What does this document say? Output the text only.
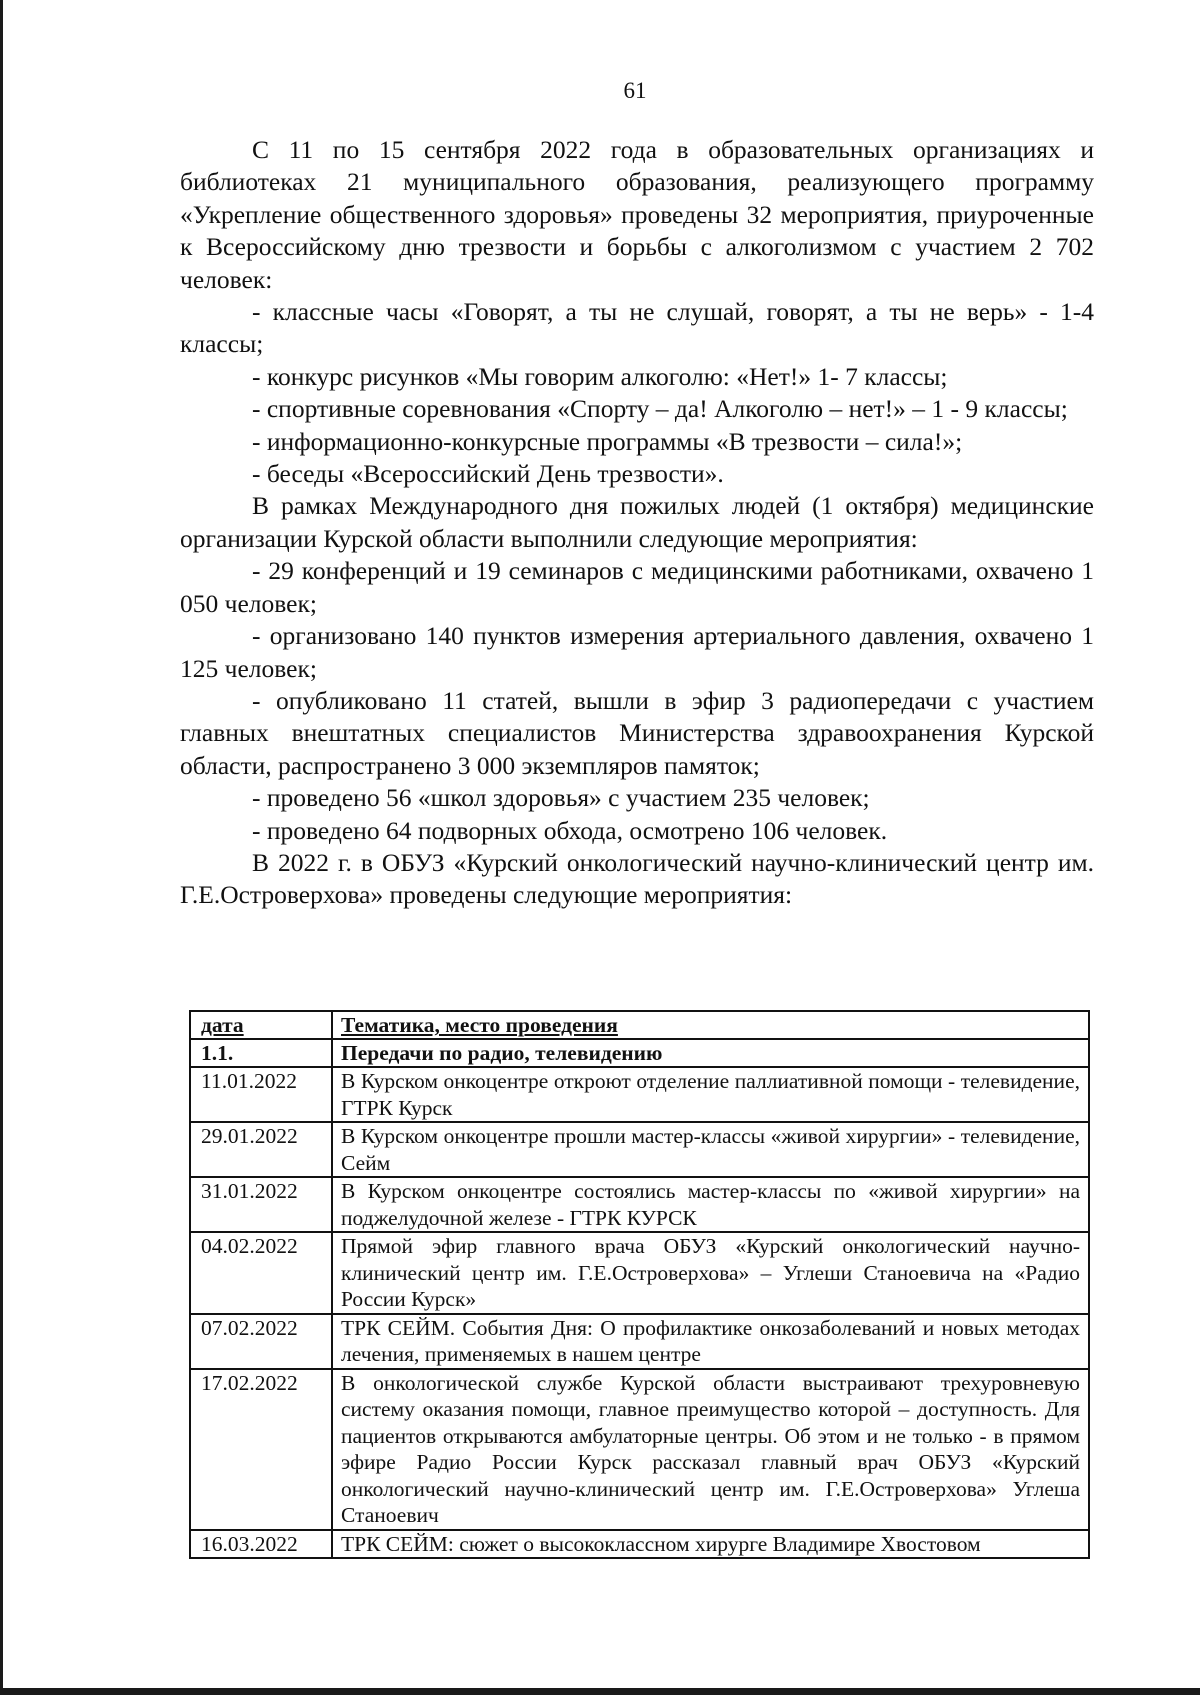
61

С 11 по 15 сентября 2022 года в образовательных организациях и библиотеках 21 муниципального образования, реализующего программу «Укрепление общественного здоровья» проведены 32 мероприятия, приуроченные к Всероссийскому дню трезвости и борьбы с алкоголизмом с участием 2 702 человек:

- классные часы «Говорят, а ты не слушай, говорят, а ты не верь» - 1-4 классы;

- конкурс рисунков «Мы говорим алкоголю: «Нет!» 1- 7 классы;

- спортивные соревнования «Спорту – да! Алкоголю – нет!» – 1 - 9 классы;

- информационно-конкурсные программы «В трезвости – сила!»;

- беседы «Всероссийский День трезвости».

В рамках Международного дня пожилых людей (1 октября) медицинские организации Курской области выполнили следующие мероприятия:

- 29 конференций и 19 семинаров с медицинскими работниками, охвачено 1 050 человек;

- организовано 140 пунктов измерения артериального давления, охвачено 1 125 человек;

- опубликовано 11 статей, вышли в эфир 3 радиопередачи с участием главных внештатных специалистов Министерства здравоохранения Курской области, распространено 3 000 экземпляров памяток;

- проведено 56 «школ здоровья» с участием 235 человек;

- проведено 64 подворных обхода, осмотрено 106 человек.

В 2022 г. в ОБУЗ «Курский онкологический научно-клинический центр им. Г.Е.Островерхова» проведены следующие мероприятия:

дата	Тематика, место проведения
1.1.	Передачи по радио, телевидению
11.01.2022	В Курском онкоцентре откроют отделение паллиативной помощи - телевидение, ГТРК Курск
29.01.2022	В Курском онкоцентре прошли мастер-классы «живой хирургии» - телевидение, Сейм
31.01.2022	В Курском онкоцентре состоялись мастер-классы по «живой хирургии» на поджелудочной железе - ГТРК КУРСК
04.02.2022	Прямой эфир главного врача ОБУЗ «Курский онкологический научно-клинический центр им. Г.Е.Островерхова» – Углеши Станоевича на «Радио России Курск»
07.02.2022	ТРК СЕЙМ. События Дня: О профилактике онкозаболеваний и новых методах лечения, применяемых в нашем центре
17.02.2022	В онкологической службе Курской области выстраивают трехуровневую систему оказания помощи, главное преимущество которой – доступность. Для пациентов открываются амбулаторные центры. Об этом и не только - в прямом эфире Радио России Курск рассказал главный врач ОБУЗ «Курский онкологический научно-клинический центр им. Г.Е.Островерхова» Углеша Станоевич
16.03.2022	ТРК СЕЙМ: сюжет о высококлассном хирурге Владимире Хвостовом
